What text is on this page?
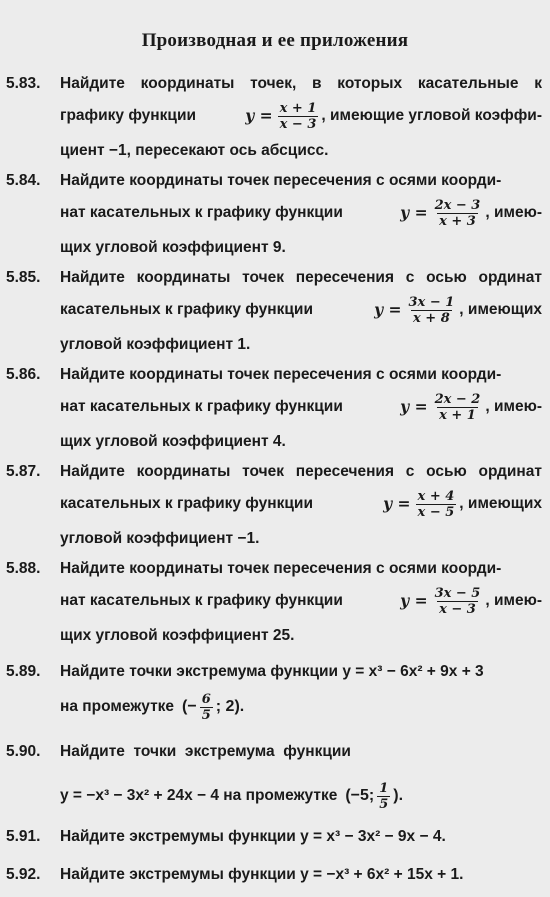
Производная и ее приложения
5.83. Найдите координаты точек, в которых касательные к
графику функции	$y = \frac{x + 1}{x - 3}$ , имеющие угловой коэффи-
циент −1, пересекают ось абсцисс.
5.84. Найдите координаты точек пересечения с осями коорди-
нат касательных к графику функции	$y = \frac{2x - 3}{x + 3}$ , имею-
щих угловой коэффициент 9.
5.85. Найдите координаты точек пересечения с осью ординат
касательных к графику функции	$y = \frac{3x - 1}{x + 8}$ , имеющих
угловой коэффициент 1.
5.86. Найдите координаты точек пересечения с осями коорди-
нат касательных к графику функции	$y = \frac{2x - 2}{x + 1}$ , имею-
щих угловой коэффициент 4.
5.87. Найдите координаты точек пересечения с осью ординат
касательных к графику функции	$y = \frac{x + 4}{x - 5}$ , имеющих
угловой коэффициент −1.
5.88. Найдите координаты точек пересечения с осями коорди-
нат касательных к графику функции	$y = \frac{3x - 5}{x - 3}$ , имею-
щих угловой коэффициент 25.
5.89. Найдите точки экстремума функции y = x³ − 6x² + 9x + 3
на промежутке (− $\frac{6}{5}$ ; 2).
5.90. Найдите  точки  экстремума  функции
y = −x³ − 3x² + 24x − 4 на промежутке (−5; $\frac{1}{5}$ ).
5.91. Найдите экстремумы функции y = x³ − 3x² − 9x − 4.
5.92. Найдите экстремумы функции y = −x³ + 6x² + 15x + 1.
